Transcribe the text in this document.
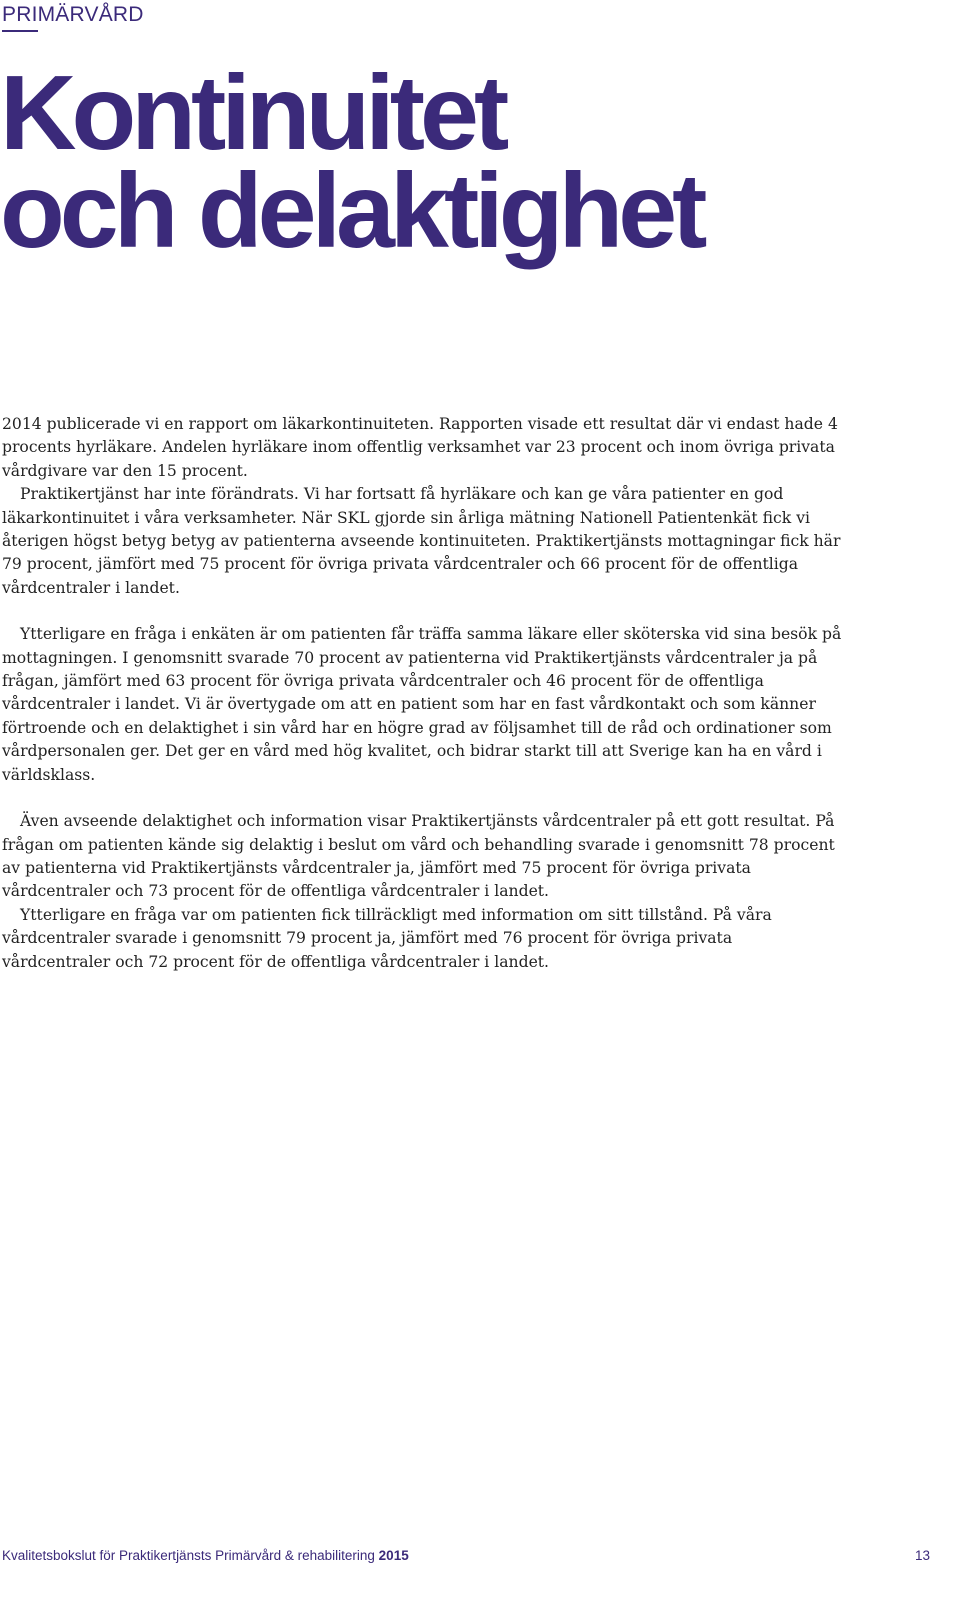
PRIMÄRVÅRD
Kontinuitet
och delaktighet

2014 publicerade vi en rapport om läkarkontinuiteten. Rapporten visade ett resultat där vi endast hade 4 procents hyrläkare. Andelen hyrläkare inom offentlig verksamhet var 23 procent och inom övriga privata vårdgivare var den 15 procent.

Praktikertjänst har inte förändrats. Vi har fortsatt få hyrläkare och kan ge våra patienter en god läkarkontinuitet i våra verksamheter. När SKL gjorde sin årliga mätning Nationell Patientenkät fick vi återigen högst betyg betyg av patienterna avseende kontinuiteten. Praktikertjänsts mottagningar fick här 79 procent, jämfört med 75 procent för övriga privata vårdcentraler och 66 procent för de offentliga vårdcentraler i landet.

Ytterligare en fråga i enkäten är om patienten får träffa samma läkare eller sköterska vid sina besök på mottagningen. I genomsnitt svarade 70 procent av patienterna vid Praktikertjänsts vårdcentraler ja på frågan, jämfört med 63 procent för övriga privata vårdcentraler och 46 procent för de offentliga vårdcentraler i landet. Vi är övertygade om att en patient som har en fast vårdkontakt och som känner förtroende och en delaktighet i sin vård har en högre grad av följsamhet till de råd och ordinationer som vårdpersonalen ger. Det ger en vård med hög kvalitet, och bidrar starkt till att Sverige kan ha en vård i världsklass.

Även avseende delaktighet och information visar Praktikertjänsts vårdcentraler på ett gott resultat. På frågan om patienten kände sig delaktig i beslut om vård och behandling svarade i genomsnitt 78 procent av patienterna vid Praktikertjänsts vårdcentraler ja, jämfört med 75 procent för övriga privata vårdcentraler och 73 procent för de offentliga vårdcentraler i landet.

Ytterligare en fråga var om patienten fick tillräckligt med information om sitt tillstånd. På våra vårdcentraler svarade i genomsnitt 79 procent ja, jämfört med 76 procent för övriga privata vårdcentraler och 72 procent för de offentliga vårdcentraler i landet.

Kvalitetsbokslut för Praktikertjänsts Primärvård & rehabilitering 2015	13
